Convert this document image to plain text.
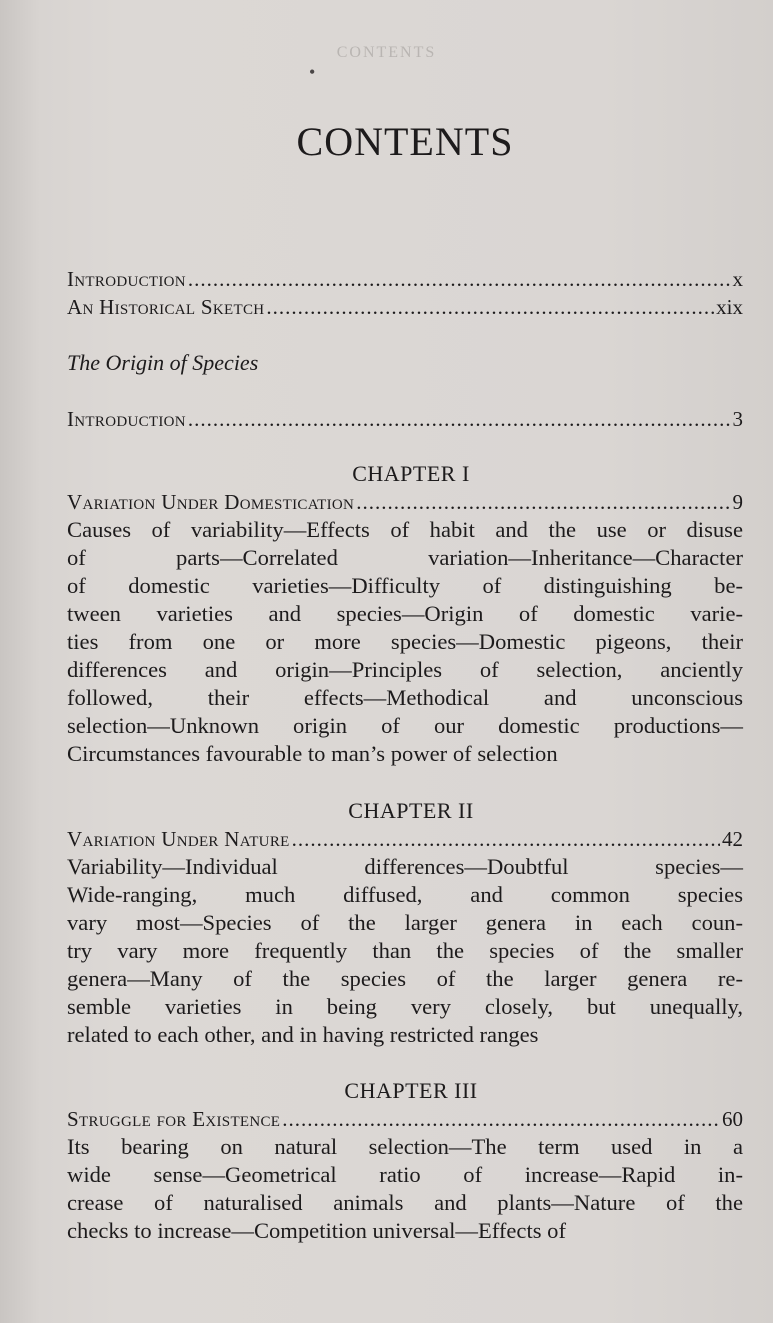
CONTENTS
•
CONTENTS
Introduction .....	x
An Historical Sketch .....	xix
The Origin of Species
Introduction .....	3
CHAPTER I
Variation Under Domestication .....	9
Causes of variability—Effects of habit and the use or disuse
of parts—Correlated variation—Inheritance—Character
of domestic varieties—Difficulty of distinguishing be-
tween varieties and species—Origin of domestic varie-
ties from one or more species—Domestic pigeons, their
differences and origin—Principles of selection, anciently
followed, their effects—Methodical and unconscious
selection—Unknown origin of our domestic productions—
Circumstances favourable to man’s power of selection
CHAPTER II
Variation Under Nature .....	42
Variability—Individual differences—Doubtful species—
Wide-ranging, much diffused, and common species
vary most—Species of the larger genera in each coun-
try vary more frequently than the species of the smaller
genera—Many of the species of the larger genera re-
semble varieties in being very closely, but unequally,
related to each other, and in having restricted ranges
CHAPTER III
Struggle for Existence .....	60
Its bearing on natural selection—The term used in a
wide sense—Geometrical ratio of increase—Rapid in-
crease of naturalised animals and plants—Nature of the
checks to increase—Competition universal—Effects of
